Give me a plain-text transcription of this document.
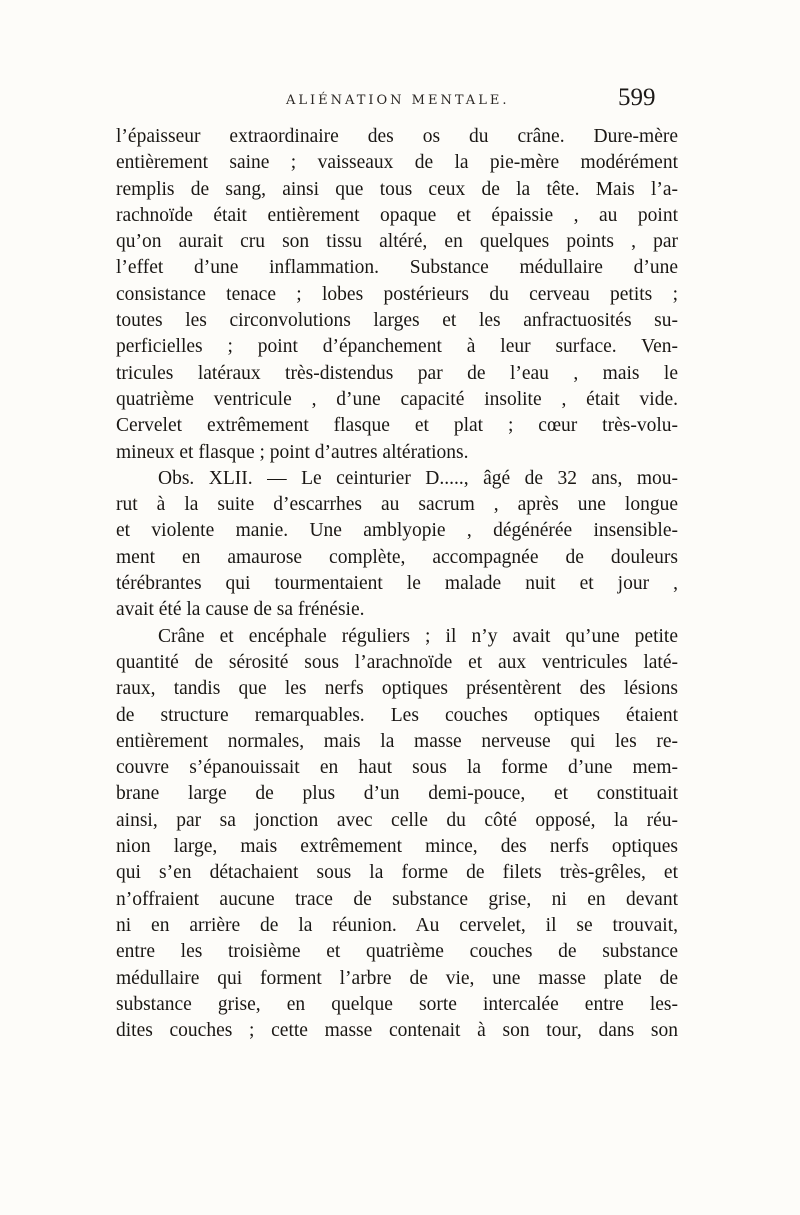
ALIÉNATION MENTALE.	599
l’épaisseur extraordinaire des os du crâne. Dure-mère
entièrement saine ; vaisseaux de la pie-mère modérément
remplis de sang, ainsi que tous ceux de la tête. Mais l’a-
rachnoïde était entièrement opaque et épaissie , au point
qu’on aurait cru son tissu altéré, en quelques points , par
l’effet d’une inflammation. Substance médullaire d’une
consistance tenace ; lobes postérieurs du cerveau petits ;
toutes les circonvolutions larges et les anfractuosités su-
perficielles ; point d’épanchement à leur surface. Ven-
tricules latéraux très-distendus par de l’eau , mais le
quatrième ventricule , d’une capacité insolite , était vide.
Cervelet extrêmement flasque et plat ; cœur très-volu-
mineux et flasque ; point d’autres altérations.
Obs. XLII. — Le ceinturier D....., âgé de 32 ans, mou-
rut à la suite d’escarrhes au sacrum , après une longue
et violente manie. Une amblyopie , dégénérée insensible-
ment en amaurose complète, accompagnée de douleurs
térébrantes qui tourmentaient le malade nuit et jour ,
avait été la cause de sa frénésie.
Crâne et encéphale réguliers ; il n’y avait qu’une petite
quantité de sérosité sous l’arachnoïde et aux ventricules laté-
raux, tandis que les nerfs optiques présentèrent des lésions
de structure remarquables. Les couches optiques étaient
entièrement normales, mais la masse nerveuse qui les re-
couvre s’épanouissait en haut sous la forme d’une mem-
brane large de plus d’un demi-pouce, et constituait
ainsi, par sa jonction avec celle du côté opposé, la réu-
nion large, mais extrêmement mince, des nerfs optiques
qui s’en détachaient sous la forme de filets très-grêles, et
n’offraient aucune trace de substance grise, ni en devant
ni en arrière de la réunion. Au cervelet, il se trouvait,
entre les troisième et quatrième couches de substance
médullaire qui forment l’arbre de vie, une masse plate de
substance grise, en quelque sorte intercalée entre les-
dites couches ; cette masse contenait à son tour, dans son
